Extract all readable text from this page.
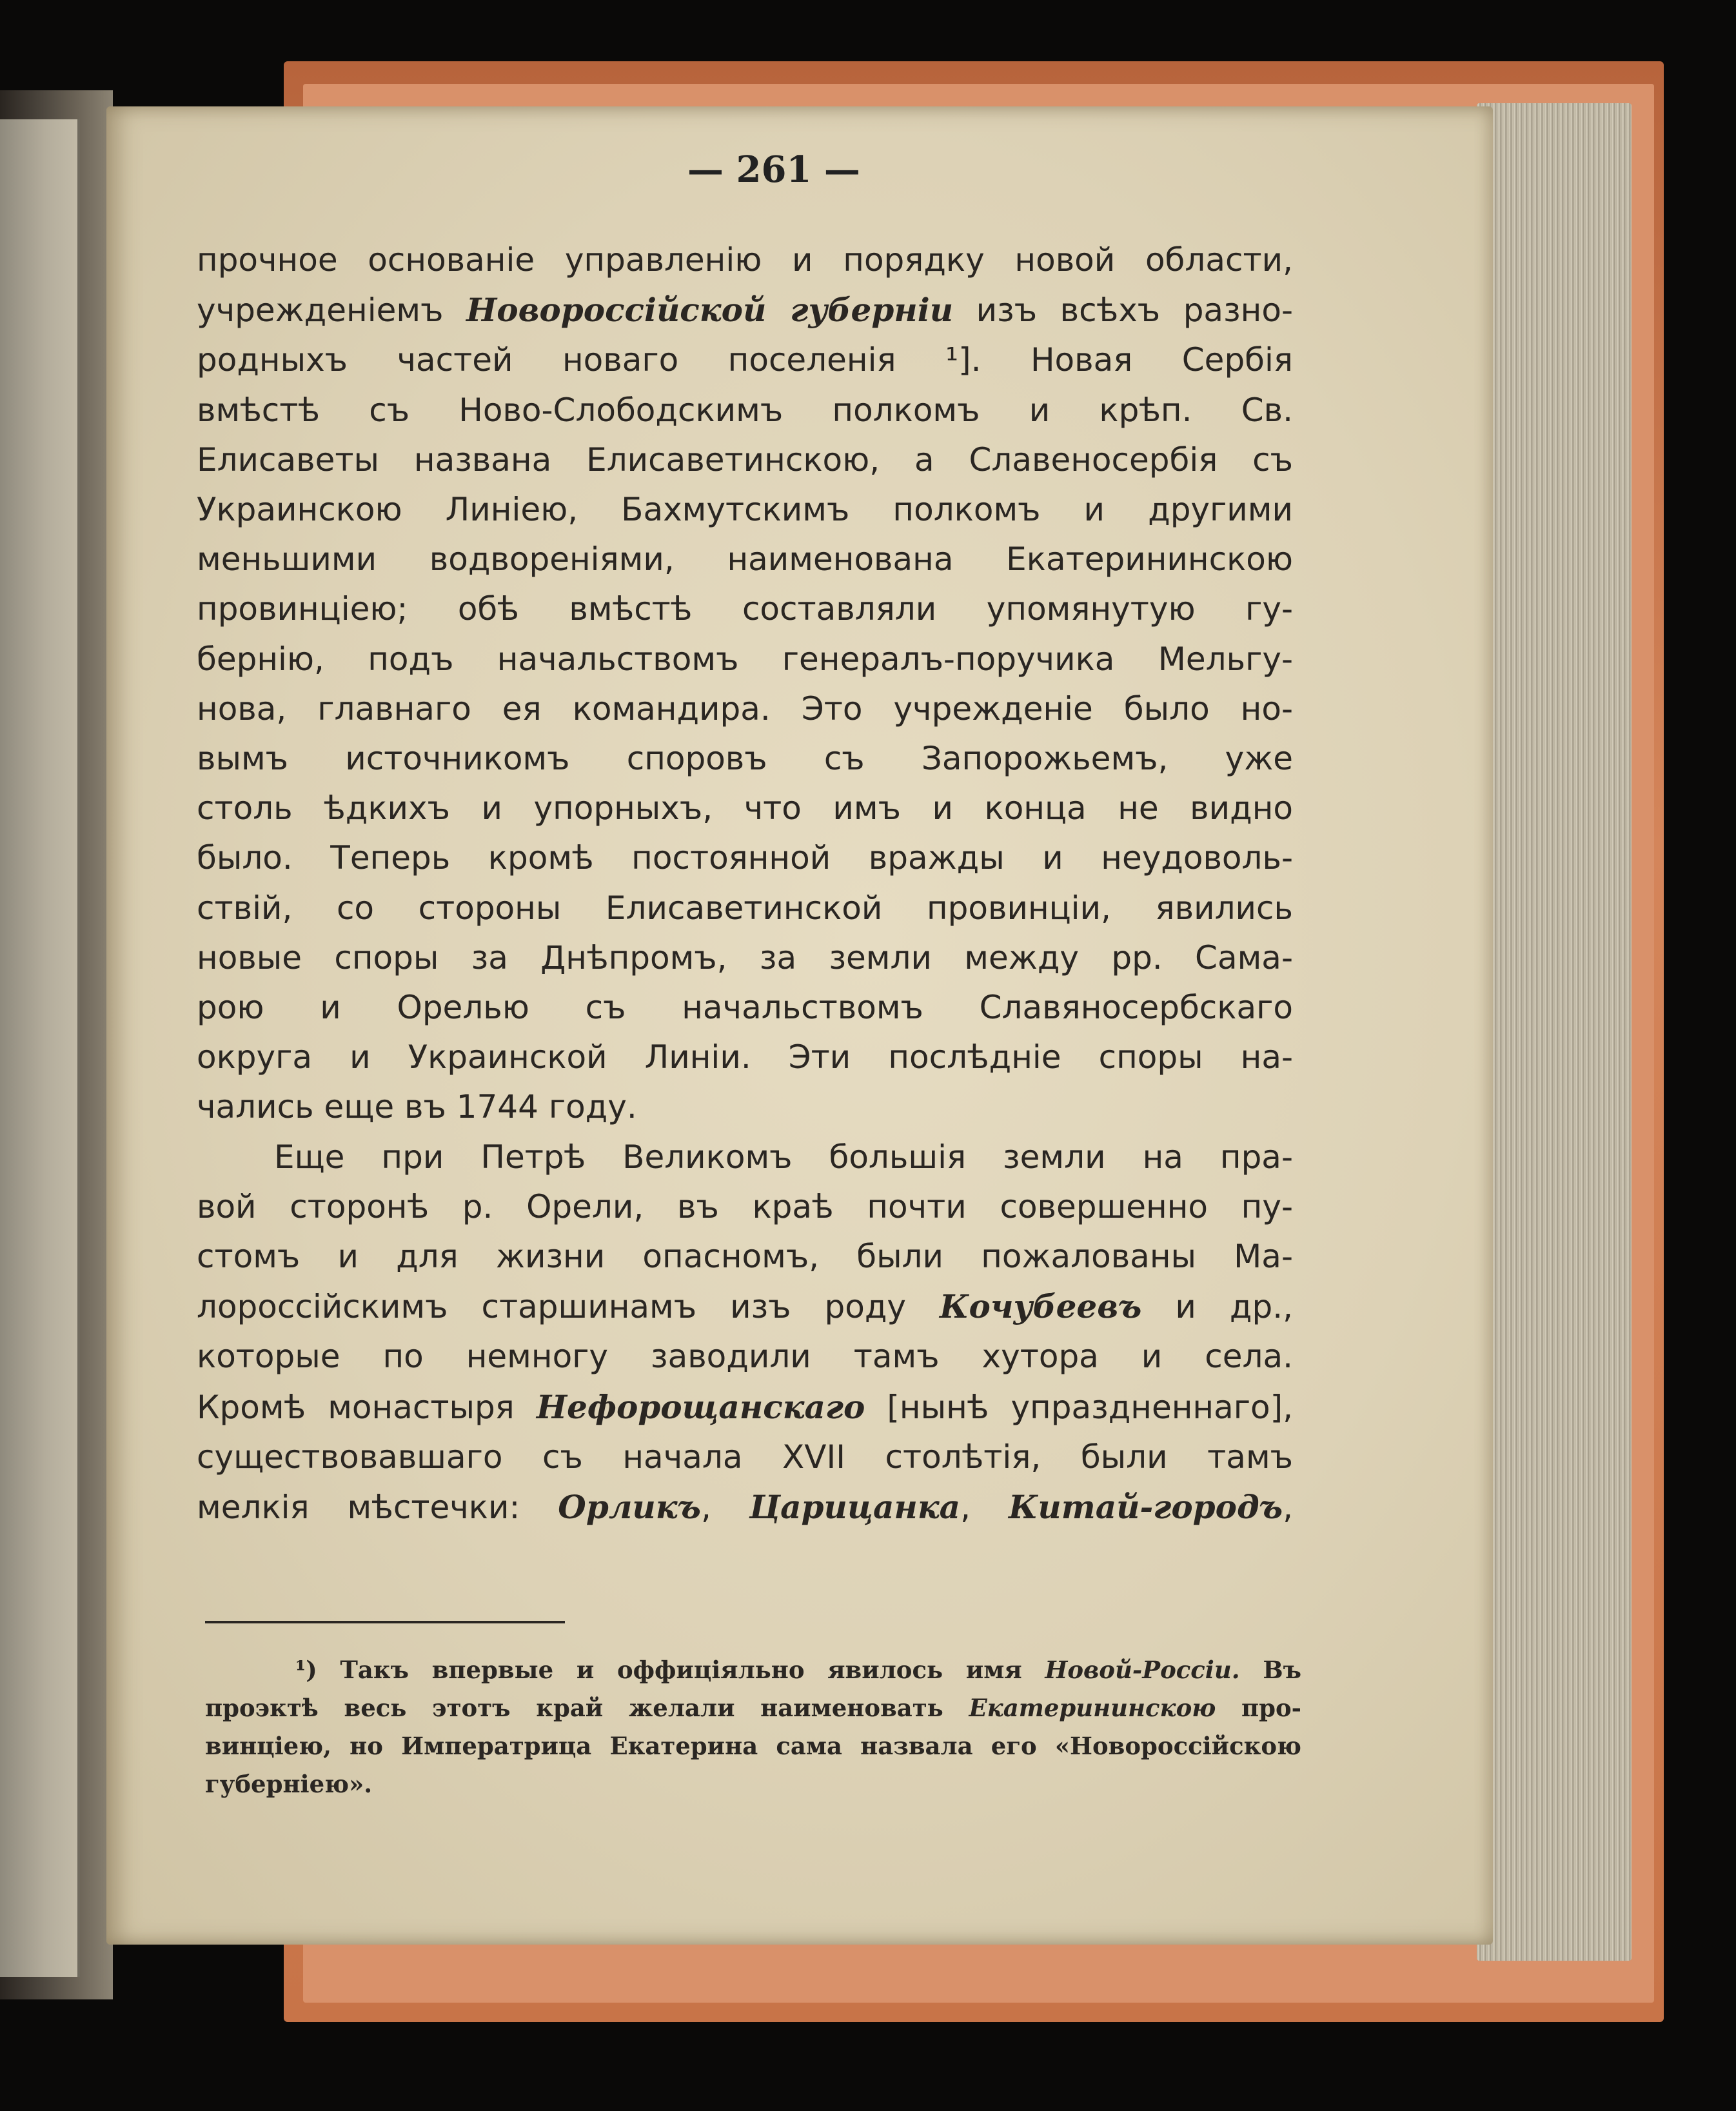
— 261 —
прочное основаніе управленію и порядку новой области,
учрежденіемъ Новороссійской губерніи изъ всѣхъ разно-
родныхъ частей новаго поселенія ¹]. Новая Сербія
вмѣстѣ съ Ново-Слободскимъ полкомъ и крѣп. Св.
Елисаветы названа Елисаветинскою, а Славеносербія съ
Украинскою Линіею, Бахмутскимъ полкомъ и другими
меньшими водвореніями, наименована Екатерининскою
провинціею; обѣ вмѣстѣ составляли упомянутую гу-
бернію, подъ начальствомъ генералъ-поручика Мельгу-
нова, главнаго ея командира. Это учрежденіе было но-
вымъ источникомъ споровъ съ Запорожьемъ, уже
столь ѣдкихъ и упорныхъ, что имъ и конца не видно
было. Теперь кромѣ постоянной вражды и неудоволь-
ствій, со стороны Елисаветинской провинціи, явились
новые споры за Днѣпромъ, за земли между рр. Сама-
рою и Орелью съ начальствомъ Славяносербскаго
округа и Украинской Линіи. Эти послѣдніе споры на-
чались еще въ 1744 году.
Еще при Петрѣ Великомъ большія земли на пра-
вой сторонѣ р. Орели, въ краѣ почти совершенно пу-
стомъ и для жизни опасномъ, были пожалованы Ма-
лороссійскимъ старшинамъ изъ роду Кочубеевъ и др.,
которые по немногу заводили тамъ хутора и села.
Кромѣ монастыря Нефорощанскаго [нынѣ упраздненнаго],
существовавшаго съ начала XVII столѣтія, были тамъ
мелкія мѣстечки: Орликъ, Царицанка, Китай-городъ,
¹) Такъ впервые и оффиціяльно явилось имя Новой-Россіи. Въ
проэктѣ весь этотъ край желали наименовать Екатерининскою про-
винціею, но Императрица Екатерина сама назвала его «Новороссійскою
губерніею».
